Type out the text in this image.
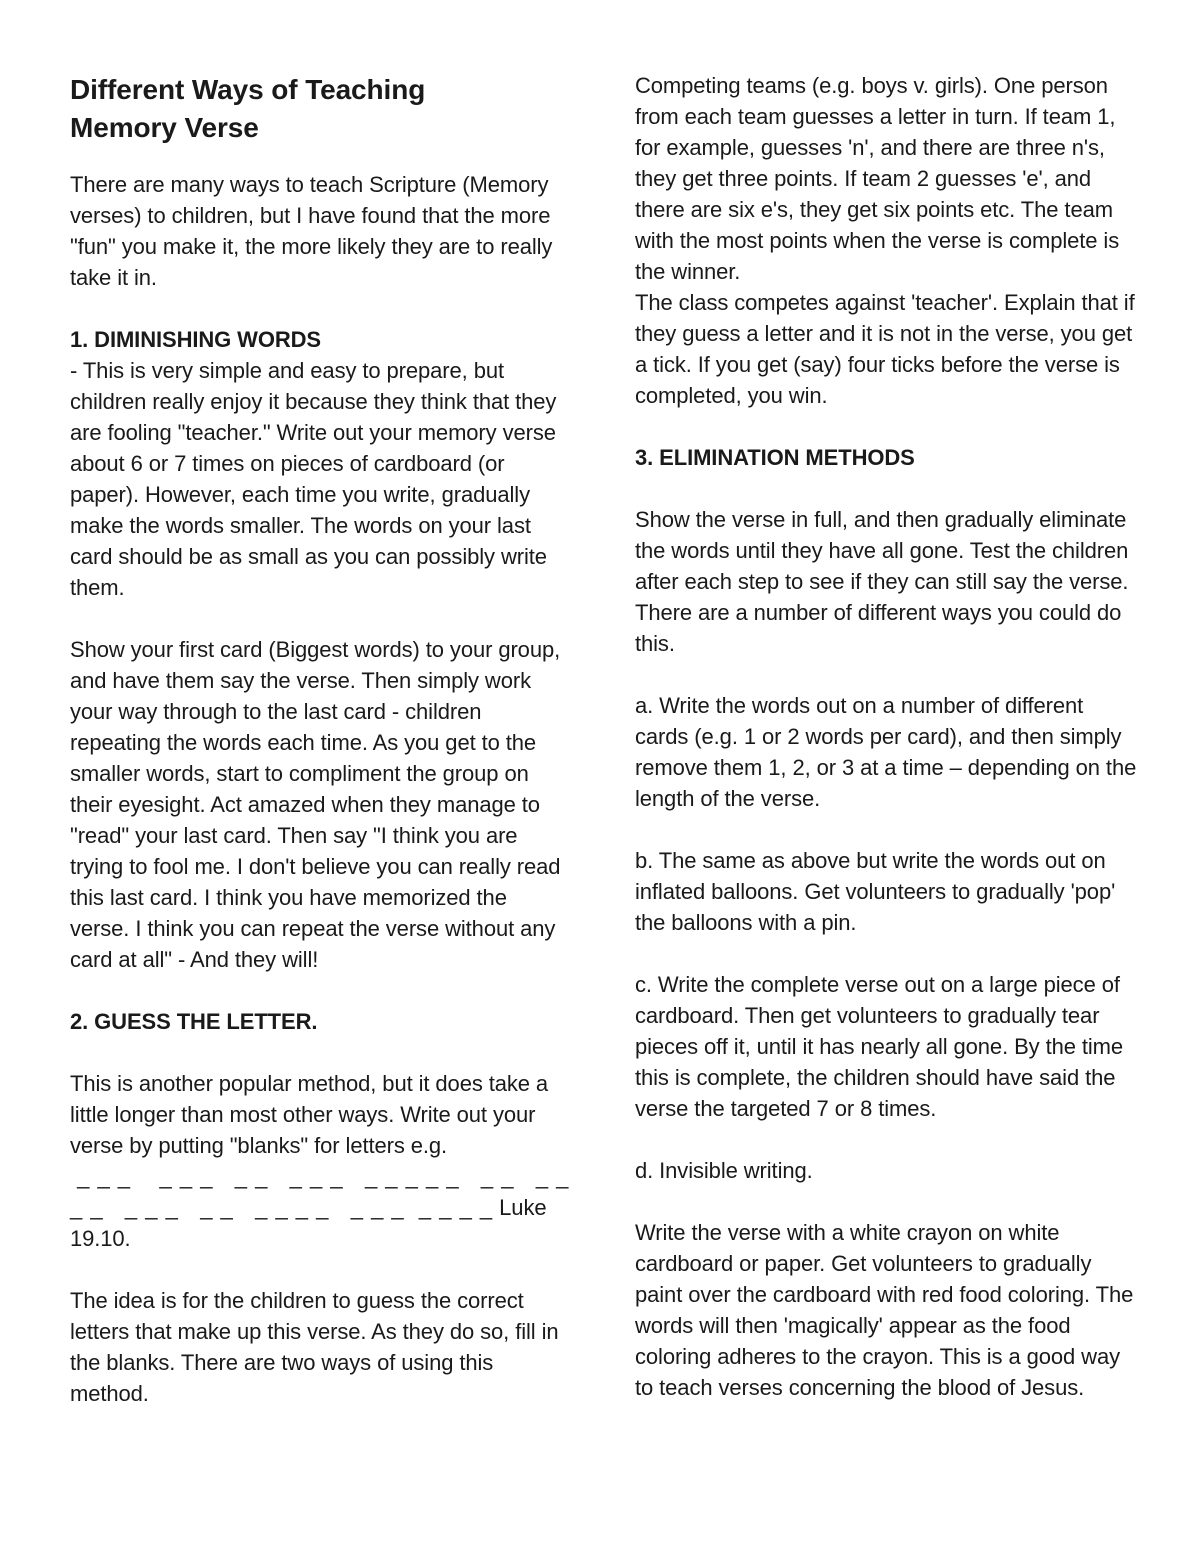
Different Ways of Teaching
Memory Verse

There are many ways to teach Scripture (Memory verses) to children, but I have found that the more "fun" you make it, the more likely they are to really take it in.

1. DIMINISHING WORDS

- This is very simple and easy to prepare, but children really enjoy it because they think that they are fooling "teacher." Write out your memory verse about 6 or 7 times on pieces of cardboard (or paper). However, each time you write, gradually make the words smaller. The words on your last card should be as small as you can possibly write them.

Show your first card (Biggest words) to your group, and have them say the verse. Then simply work your way through to the last card - children repeating the words each time. As you get to the smaller words, start to compliment the group on their eyesight. Act amazed when they manage to "read" your last card. Then say "I think you are trying to fool me. I don't believe you can really read this last card. I think you have memorized the verse. I think you can repeat the verse without any card at all" - And they will!

2. GUESS THE LETTER.

This is another popular method, but it does take a little longer than most other ways. Write out your verse by putting "blanks" for letters e.g.

_ _ _    _ _ _   _ _   _ _ _   _ _ _ _ _   _ _   _ _
_ _   _ _ _   _ _   _ _ _ _   _ _ _  _ _ _ _ Luke
19.10.

The idea is for the children to guess the correct letters that make up this verse. As they do so, fill in the blanks. There are two ways of using this method.

Competing teams (e.g. boys v. girls). One person from each team guesses a letter in turn. If team 1, for example, guesses 'n', and there are three n's, they get three points. If team 2 guesses 'e', and there are six e's, they get six points etc. The team with the most points when the verse is complete is the winner.

The class competes against 'teacher'. Explain that if they guess a letter and it is not in the verse, you get a tick. If you get (say) four ticks before the verse is completed, you win.

3. ELIMINATION METHODS

Show the verse in full, and then gradually eliminate the words until they have all gone. Test the children after each step to see if they can still say the verse. There are a number of different ways you could do this.

a. Write the words out on a number of different cards (e.g. 1 or 2 words per card), and then simply remove them 1, 2, or 3 at a time – depending on the length of the verse.

b. The same as above but write the words out on inflated balloons. Get volunteers to gradually 'pop' the balloons with a pin.

c. Write the complete verse out on a large piece of cardboard. Then get volunteers to gradually tear pieces off it, until it has nearly all gone. By the time this is complete, the children should have said the verse the targeted 7 or 8 times.

d. Invisible writing.

Write the verse with a white crayon on white cardboard or paper. Get volunteers to gradually paint over the cardboard with red food coloring. The words will then 'magically' appear as the food coloring adheres to the crayon. This is a good way to teach verses concerning the blood of Jesus.
